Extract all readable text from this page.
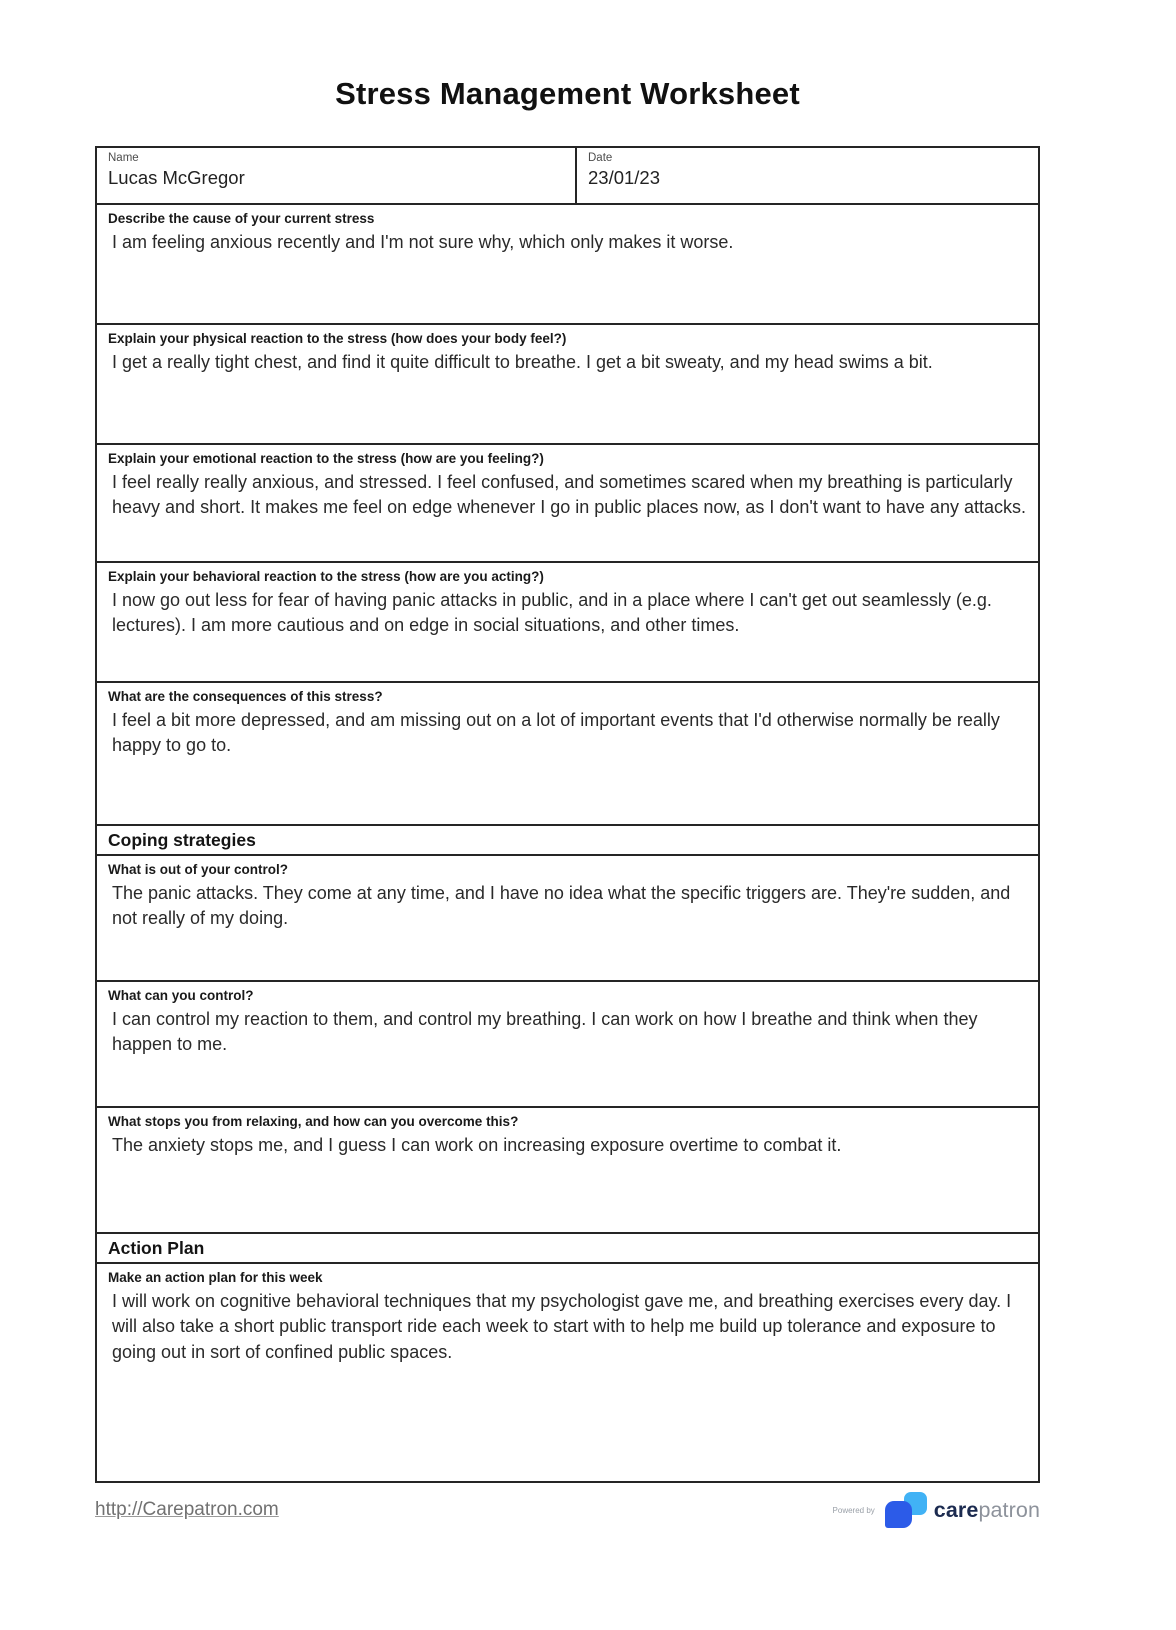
Stress Management Worksheet
Name
Lucas McGregor
Date
23/01/23
Describe the cause of your current stress
I am feeling anxious recently and I'm not sure why, which only makes it worse.
Explain your physical reaction to the stress (how does your body feel?)
I get a really tight chest, and find it quite difficult to breathe. I get a bit sweaty, and my head swims a bit.
Explain your emotional reaction to the stress (how are you feeling?)
I feel really really anxious, and stressed. I feel confused, and sometimes scared when my breathing is particularly heavy and short. It makes me feel on edge whenever I go in public places now, as I don't want to have any attacks.
Explain your behavioral reaction to the stress (how are you acting?)
I now go out less for fear of having panic attacks in public, and in a place where I can't get out seamlessly (e.g. lectures). I am more cautious and on edge in social situations, and other times.
What are the consequences of this stress?
I feel a bit more depressed, and am missing out on a lot of important events that I'd otherwise normally be really happy to go to.
Coping strategies
What is out of your control?
The panic attacks. They come at any time, and I have no idea what the specific triggers are. They're sudden, and not really of my doing.
What can you control?
I can control my reaction to them, and control my breathing. I can work on how I breathe and think when they happen to me.
What stops you from relaxing, and how can you overcome this?
The anxiety stops me, and I guess I can work on increasing exposure overtime to combat it.
Action Plan
Make an action plan for this week
I will work on cognitive behavioral techniques that my psychologist gave me, and breathing exercises every day. I will also take a short public transport ride each week to start with to help me build up tolerance and exposure to going out in sort of confined public spaces.
http://Carepatron.com	Powered by	carepatron
